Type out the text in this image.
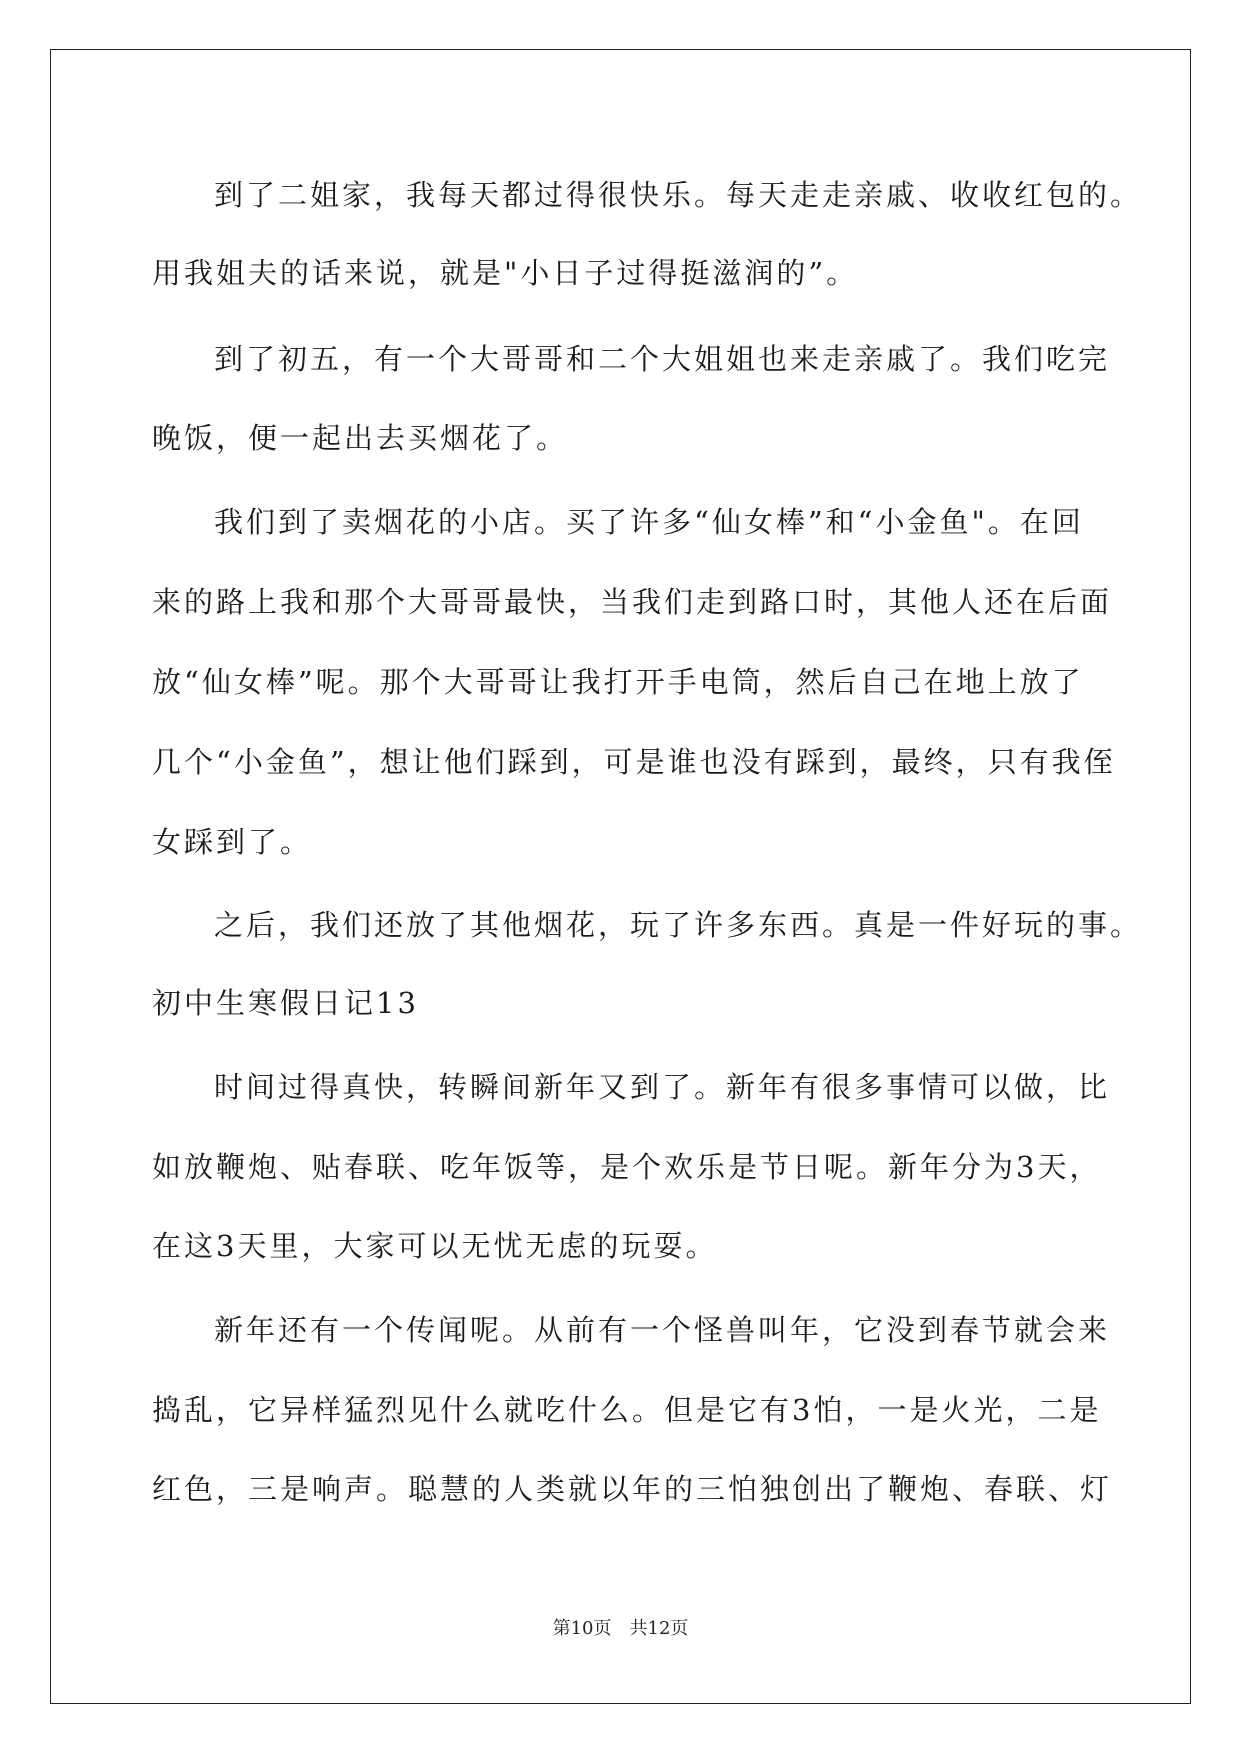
到了二姐家，我每天都过得很快乐。每天走走亲戚、收收红包的。
用我姐夫的话来说，就是"小日子过得挺滋润的”。
到了初五，有一个大哥哥和二个大姐姐也来走亲戚了。我们吃完
晚饭，便一起出去买烟花了。
我们到了卖烟花的小店。买了许多“仙女棒”和“小金鱼"。在回
来的路上我和那个大哥哥最快，当我们走到路口时，其他人还在后面
放“仙女棒”呢。那个大哥哥让我打开手电筒，然后自己在地上放了
几个“小金鱼”，想让他们踩到，可是谁也没有踩到，最终，只有我侄
女踩到了。
之后，我们还放了其他烟花，玩了许多东西。真是一件好玩的事。
初中生寒假日记13
时间过得真快，转瞬间新年又到了。新年有很多事情可以做，比
如放鞭炮、贴春联、吃年饭等，是个欢乐是节日呢。新年分为3天，
在这3天里，大家可以无忧无虑的玩耍。
新年还有一个传闻呢。从前有一个怪兽叫年，它没到春节就会来
捣乱，它异样猛烈见什么就吃什么。但是它有3怕，一是火光，二是
红色，三是响声。聪慧的人类就以年的三怕独创出了鞭炮、春联、灯
第10页　共12页
